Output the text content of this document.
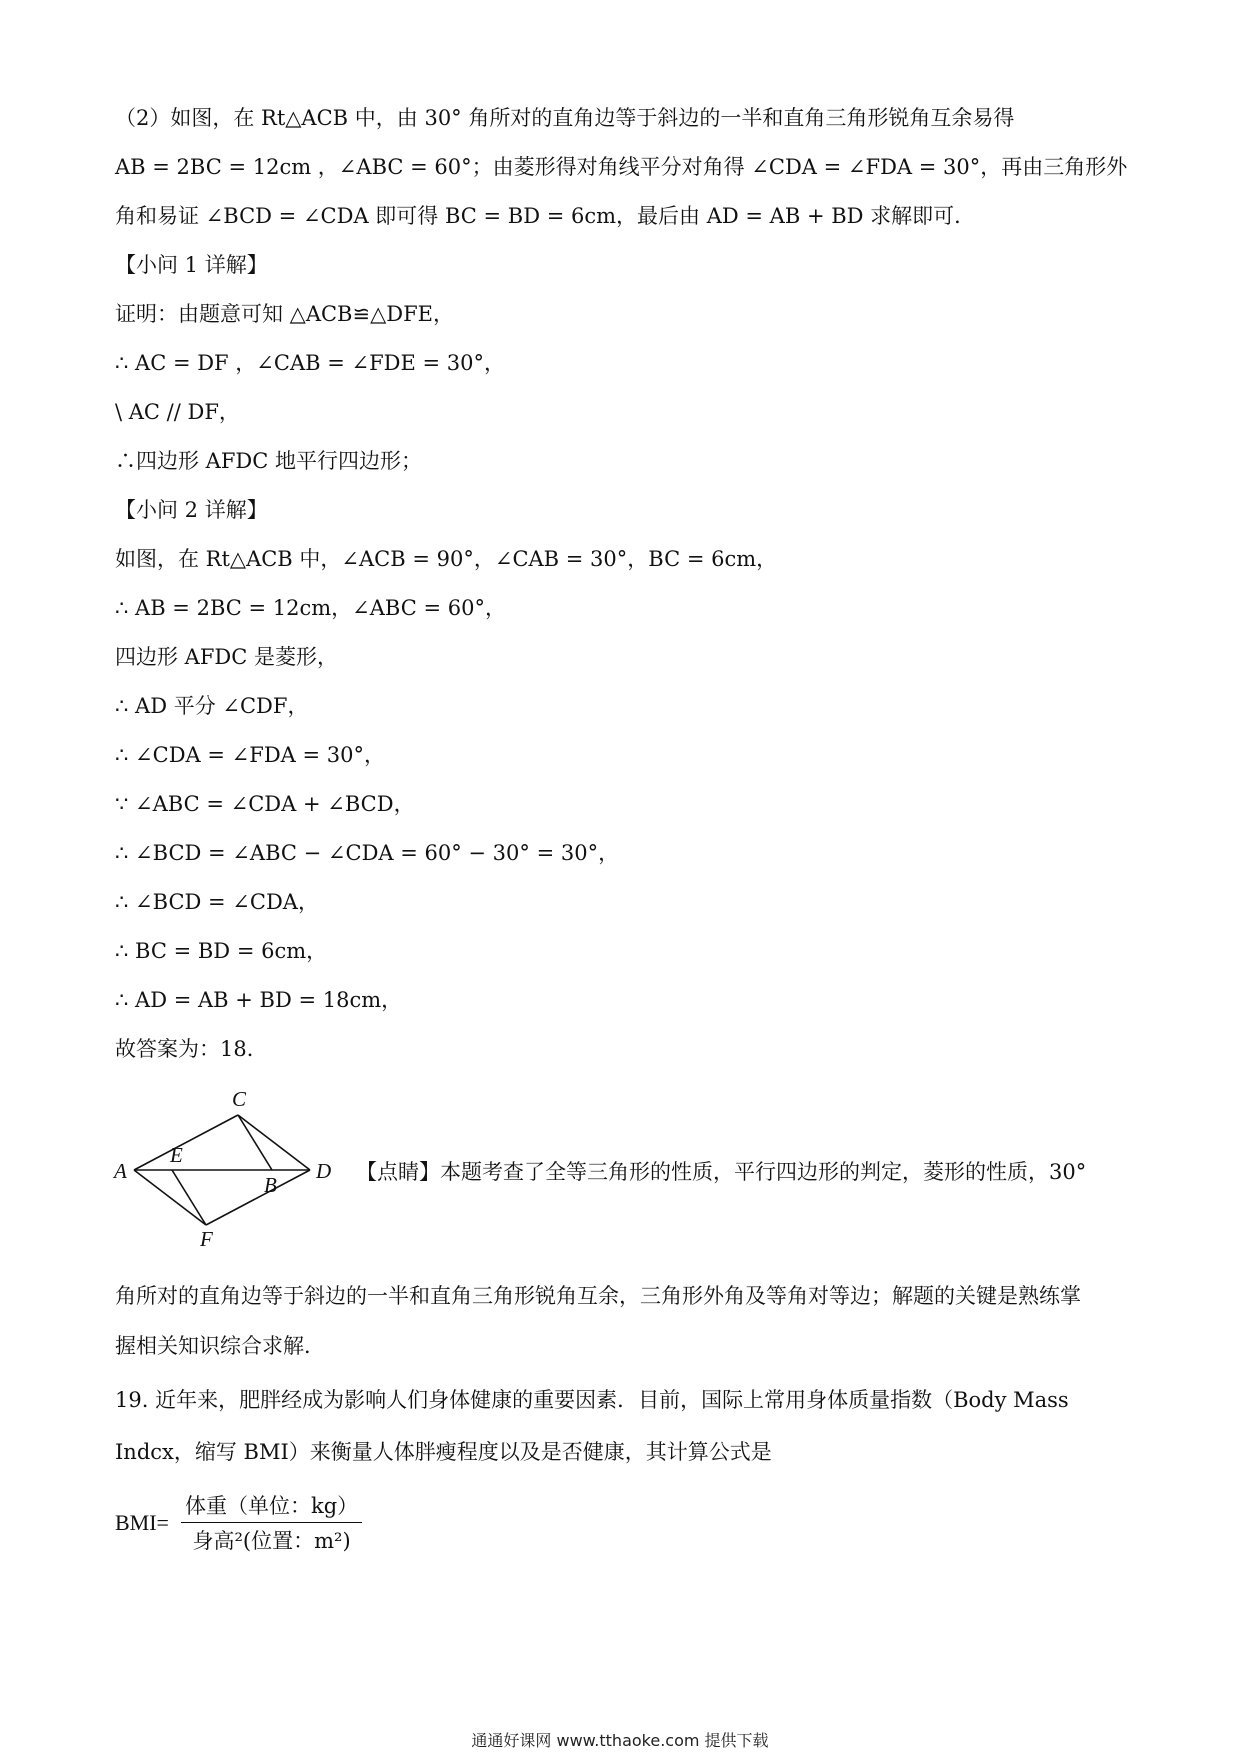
（2）如图，在 Rt△ACB 中，由 30° 角所对的直角边等于斜边的一半和直角三角形锐角互余易得
AB = 2BC = 12cm ，∠ABC = 60°；由菱形得对角线平分对角得 ∠CDA = ∠FDA = 30°，再由三角形外
角和易证 ∠BCD = ∠CDA 即可得 BC = BD = 6cm，最后由 AD = AB + BD 求解即可．
【小问 1 详解】
证明：由题意可知 △ACB≌△DFE，
∴ AC = DF ，∠CAB = ∠FDE = 30°，
\ AC // DF，
∴四边形 AFDC 地平行四边形；
【小问 2 详解】
如图，在 Rt△ACB 中，∠ACB = 90°，∠CAB = 30°，BC = 6cm，
∴ AB = 2BC = 12cm，∠ABC = 60°，
四边形 AFDC 是菱形，
∴ AD 平分 ∠CDF，
∴ ∠CDA = ∠FDA = 30°，
∵ ∠ABC = ∠CDA + ∠BCD，
∴ ∠BCD = ∠ABC − ∠CDA = 60° − 30° = 30°，
∴ ∠BCD = ∠CDA，
∴ BC = BD = 6cm，
∴ AD = AB + BD = 18cm，
故答案为：18．
A
C
D
E
B
F
【点睛】本题考查了全等三角形的性质，平行四边形的判定，菱形的性质，30°
角所对的直角边等于斜边的一半和直角三角形锐角互余，三角形外角及等角对等边；解题的关键是熟练掌
握相关知识综合求解．
19. 近年来，肥胖经成为影响人们身体健康的重要因素．目前，国际上常用身体质量指数（Body Mass
Indcx，缩写 BMI）来衡量人体胖瘦程度以及是否健康，其计算公式是
BMI=
体重（单位：kg）
身高²(位置：m²)
通通好课网 www.tthaoke.com 提供下载
